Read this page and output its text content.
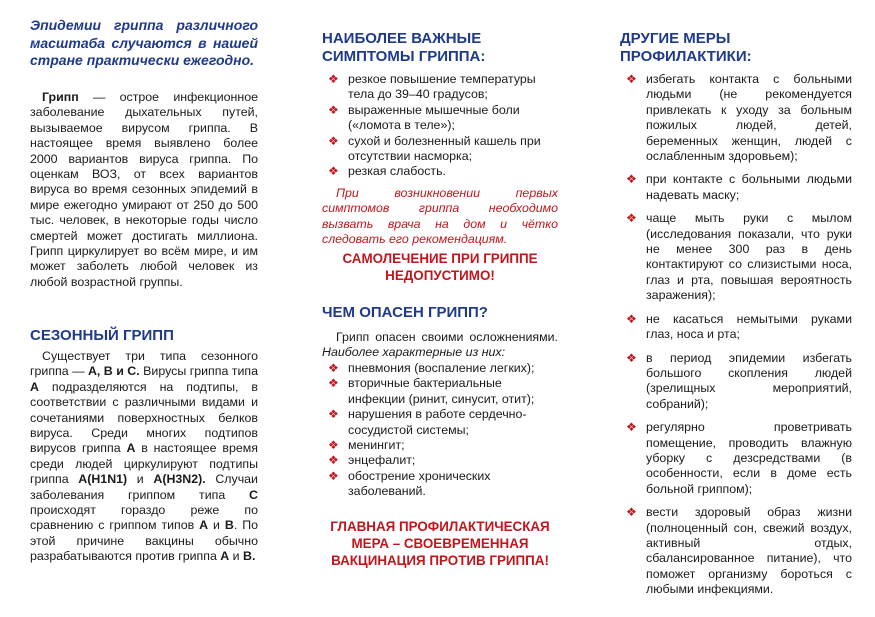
Эпидемии гриппа различного масштаба случаются в нашей стране практически ежегодно.

Грипп — острое инфекционное заболевание дыхательных путей, вызываемое вирусом гриппа. В настоящее время выявлено более 2000 вариантов вируса гриппа. По оценкам ВОЗ, от всех вариантов вируса во время сезонных эпидемий в мире ежегодно умирают от 250 до 500 тыс. человек, в некоторые годы число смертей может достигать миллиона. Грипп циркулирует во всём мире, и им может заболеть любой человек из любой возрастной группы.

СЕЗОННЫЙ ГРИПП

Существует три типа сезонного гриппа — А, В и С. Вирусы гриппа типа А подразделяются на подтипы, в соответствии с различными видами и сочетаниями поверхностных белков вируса. Среди многих подтипов вирусов гриппа А в настоящее время среди людей циркулируют подтипы гриппа А(Н1N1) и А(Н3N2). Случаи заболевания гриппом типа С происходят гораздо реже по сравнению с гриппом типов А и В. По этой причине вакцины обычно разрабатываются против гриппа А и В.

НАИБОЛЕЕ ВАЖНЫЕ СИМПТОМЫ ГРИППА:
❖ резкое повышение температуры тела до 39–40 градусов;
❖ выраженные мышечные боли («ломота в теле»);
❖ сухой и болезненный кашель при отсутствии насморка;
❖ резкая слабость.

При возникновении первых симптомов гриппа необходимо вызвать врача на дом и чётко следовать его рекомендациям.

САМОЛЕЧЕНИЕ ПРИ ГРИППЕ НЕДОПУСТИМО!
ЧЕМ ОПАСЕН ГРИПП?

Грипп опасен своими осложнениями. Наиболее характерные из них:

❖ пневмония (воспаление легких);
❖ вторичные бактериальные инфекции (ринит, синусит, отит);
❖ нарушения в работе сердечно-сосудистой системы;
❖ менингит;
❖ энцефалит;
❖ обострение хронических заболеваний.
ГЛАВНАЯ ПРОФИЛАКТИЧЕСКАЯ МЕРА – СВОЕВРЕМЕННАЯ ВАКЦИНАЦИЯ ПРОТИВ ГРИППА!
ДРУГИЕ МЕРЫ ПРОФИЛАКТИКИ:
❖ избегать контакта с больными людьми (не рекомендуется привлекать к уходу за больным пожилых людей, детей, беременных женщин, людей с ослабленным здоровьем);
❖ при контакте с больными людьми надевать маску;
❖ чаще мыть руки с мылом (исследования показали, что руки не менее 300 раз в день контактируют со слизистыми носа, глаз и рта, повышая вероятность заражения);
❖ не касаться немытыми руками глаз, носа и рта;
❖ в период эпидемии избегать большого скопления людей (зрелищных мероприятий, собраний);
❖ регулярно проветривать помещение, проводить влажную уборку с дезсредствами (в особенности, если в доме есть больной гриппом);
❖ вести здоровый образ жизни (полноценный сон, свежий воздух, активный отдых, сбалансированное питание), что поможет организму бороться с любыми инфекциями.
